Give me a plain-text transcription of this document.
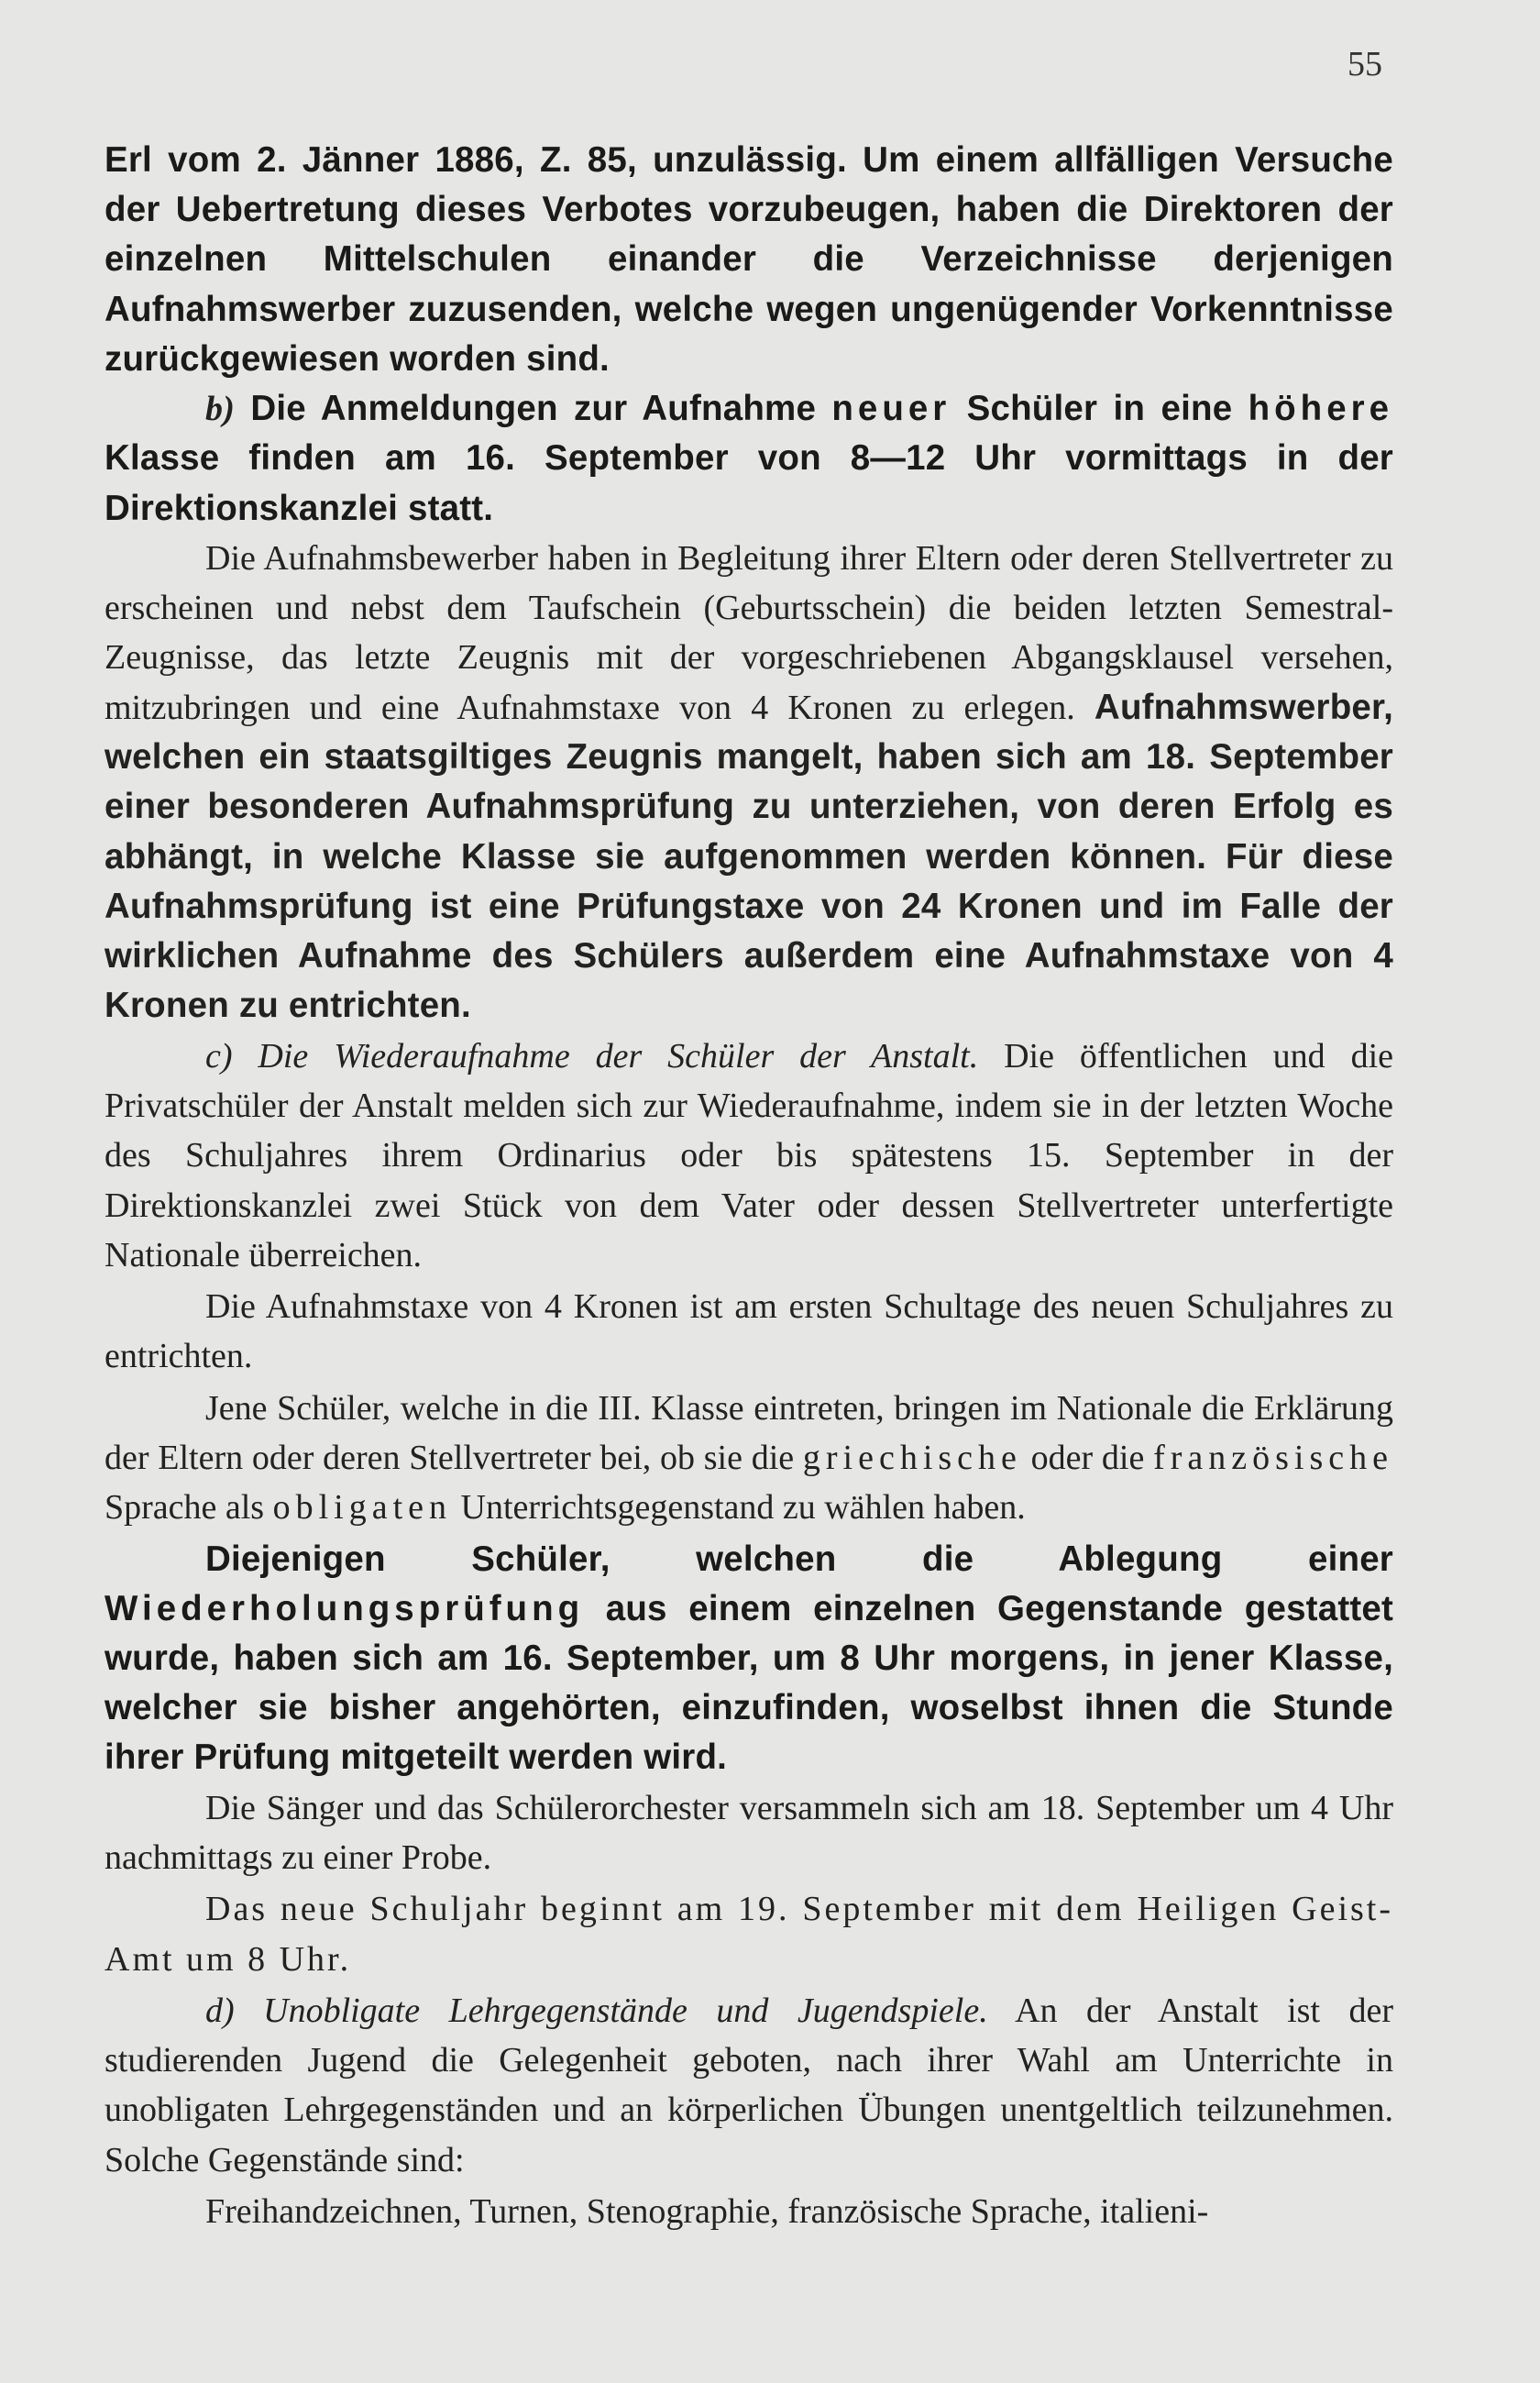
55

Erl vom 2. Jänner 1886, Z. 85, unzulässig. Um einem allfälligen Versuche der Uebertretung dieses Verbotes vorzubeugen, haben die Direktoren der einzelnen Mittelschulen einander die Verzeichnisse derjenigen Aufnahmswerber zuzusenden, welche wegen ungenügender Vorkenntnisse zurückgewiesen worden sind.

b) Die Anmeldungen zur Aufnahme neuer Schüler in eine höhere Klasse finden am 16. September von 8—12 Uhr vormittags in der Direktionskanzlei statt.

Die Aufnahmsbewerber haben in Begleitung ihrer Eltern oder deren Stellvertreter zu erscheinen und nebst dem Taufschein (Geburtsschein) die beiden letzten Semestral-Zeugnisse, das letzte Zeugnis mit der vorgeschriebenen Abgangsklausel versehen, mitzubringen und eine Aufnahmstaxe von 4 Kronen zu erlegen. Aufnahmswerber, welchen ein staatsgiltiges Zeugnis mangelt, haben sich am 18. September einer besonderen Aufnahmsprüfung zu unterziehen, von deren Erfolg es abhängt, in welche Klasse sie aufgenommen werden können. Für diese Aufnahmsprüfung ist eine Prüfungstaxe von 24 Kronen und im Falle der wirklichen Aufnahme des Schülers außerdem eine Aufnahmstaxe von 4 Kronen zu entrichten.

c) Die Wiederaufnahme der Schüler der Anstalt. Die öffentlichen und die Privatschüler der Anstalt melden sich zur Wiederaufnahme, indem sie in der letzten Woche des Schuljahres ihrem Ordinarius oder bis spätestens 15. September in der Direktionskanzlei zwei Stück von dem Vater oder dessen Stellvertreter unterfertigte Nationale überreichen.

Die Aufnahmstaxe von 4 Kronen ist am ersten Schultage des neuen Schuljahres zu entrichten.

Jene Schüler, welche in die III. Klasse eintreten, bringen im Nationale die Erklärung der Eltern oder deren Stellvertreter bei, ob sie die griechische oder die französische Sprache als obligaten Unterrichtsgegenstand zu wählen haben.

Diejenigen Schüler, welchen die Ablegung einer Wiederholungsprüfung aus einem einzelnen Gegenstande gestattet wurde, haben sich am 16. September, um 8 Uhr morgens, in jener Klasse, welcher sie bisher angehörten, einzufinden, woselbst ihnen die Stunde ihrer Prüfung mitgeteilt werden wird.

Die Sänger und das Schülerorchester versammeln sich am 18. September um 4 Uhr nachmittags zu einer Probe.

Das neue Schuljahr beginnt am 19. September mit dem Heiligen Geist-Amt um 8 Uhr.

d) Unobligate Lehrgegenstände und Jugendspiele. An der Anstalt ist der studierenden Jugend die Gelegenheit geboten, nach ihrer Wahl am Unterrichte in unobligaten Lehrgegenständen und an körperlichen Übungen unentgeltlich teilzunehmen. Solche Gegenstände sind:

Freihandzeichnen, Turnen, Stenographie, französische Sprache, italieni-
